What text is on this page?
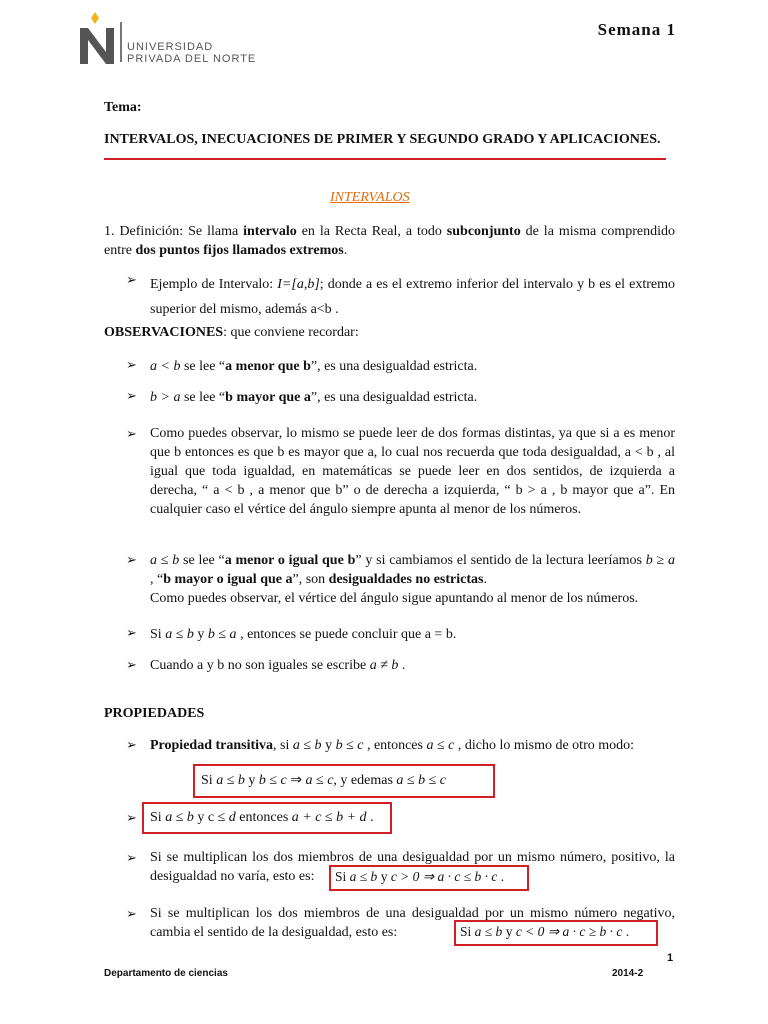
UNIVERSIDAD
PRIVADA DEL NORTE
Semana 1
Tema:
INTERVALOS, INECUACIONES DE PRIMER Y SEGUNDO GRADO Y APLICACIONES.
INTERVALOS
1. Definición: Se llama intervalo en la Recta Real, a todo subconjunto de la misma comprendido entre dos puntos fijos llamados extremos.
➢ Ejemplo de Intervalo: I=[a,b]; donde a es el extremo inferior del intervalo y b es el extremo superior del mismo, además a<b .
OBSERVACIONES: que conviene recordar:
➢ a < b se lee “a menor que b”, es una desigualdad estricta.
➢ b > a se lee “b mayor que a”, es una desigualdad estricta.
➢ Como puedes observar, lo mismo se puede leer de dos formas distintas, ya que si a es menor que b entonces es que b es mayor que a, lo cual nos recuerda que toda desigualdad, a < b , al igual que toda igualdad, en matemáticas se puede leer en dos sentidos, de izquierda a derecha, “ a < b , a menor que b” o de derecha a izquierda, “ b > a , b mayor que a”. En cualquier caso el vértice del ángulo siempre apunta al menor de los números.
➢ a ≤ b se lee “a menor o igual que b” y si cambiamos el sentido de la lectura leeríamos b ≥ a , “b mayor o igual que a”, son desigualdades no estrictas.
Como puedes observar, el vértice del ángulo sigue apuntando al menor de los números.
➢ Si a ≤ b y b ≤ a , entonces se puede concluir que a = b.
➢ Cuando a y b no son iguales se escribe a ≠ b .
PROPIEDADES
➢ Propiedad transitiva, si a ≤ b y b ≤ c , entonces a ≤ c , dicho lo mismo de otro modo:
Si a ≤ b y b ≤ c ⇒ a ≤ c, y edemas a ≤ b ≤ c
➢ Si a ≤ b y c ≤ d entonces a + c ≤ b + d .
➢ Si se multiplican los dos miembros de una desigualdad por un mismo número, positivo, la desigualdad no varía, esto es:	Si a ≤ b y c > 0 ⇒ a · c ≤ b · c .
➢ Si se multiplican los dos miembros de una desigualdad por un mismo número negativo, cambia el sentido de la desigualdad, esto es:	Si a ≤ b y c < 0 ⇒ a · c ≥ b · c .
1
Departamento de ciencias	2014-2
